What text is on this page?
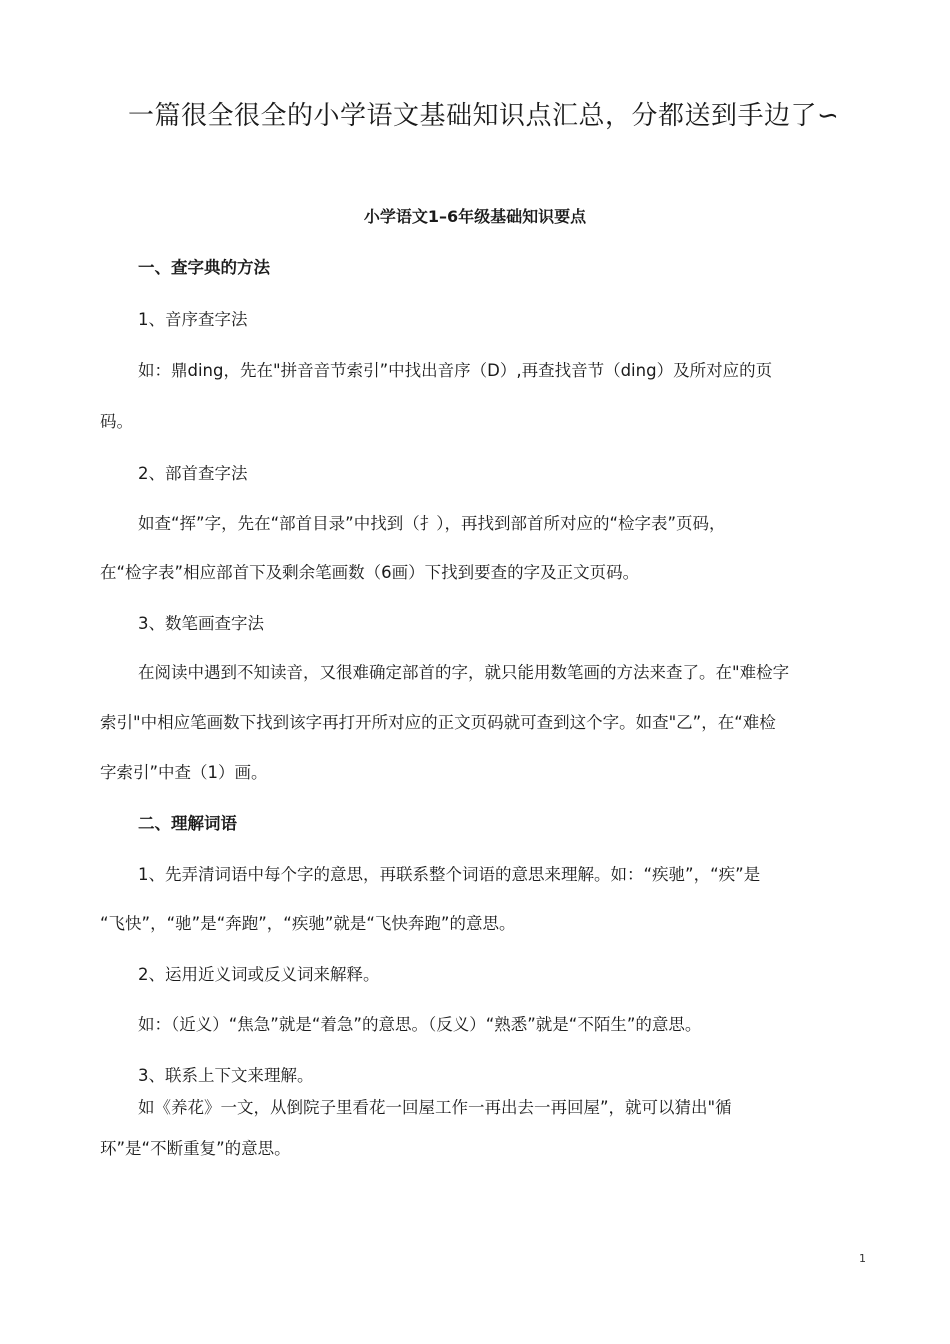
一篇很全很全的小学语文基础知识点汇总，分都送到手边了∽

小学语文1–6年级基础知识要点

一、查字典的方法

1、音序查字法

如：鼎ding，先在"拼音音节索引”中找出音序（D）,再查找音节（ding）及所对应的页

码。

2、部首查字法

如查“挥”字，先在“部首目录”中找到（扌），再找到部首所对应的“检字表”页码，

在“检字表”相应部首下及剩余笔画数（6画）下找到要查的字及正文页码。

3、数笔画查字法

在阅读中遇到不知读音，又很难确定部首的字，就只能用数笔画的方法来查了。在"难检字

索引"中相应笔画数下找到该字再打开所对应的正文页码就可查到这个字。如查"乙”，在“难检

字索引”中查（1）画。

二、理解词语

1、先弄清词语中每个字的意思，再联系整个词语的意思来理解。如：“疾驰”，“疾”是

“飞快”，“驰”是“奔跑”，“疾驰”就是“飞快奔跑”的意思。

2、运用近义词或反义词来解释。

如：（近义）“焦急”就是“着急”的意思。（反义）“熟悉”就是“不陌生”的意思。

3、联系上下文来理解。

如《养花》一文，从倒院子里看花一回屋工作一再出去一再回屋”，就可以猜出"循

环”是“不断重复”的意思。

1
